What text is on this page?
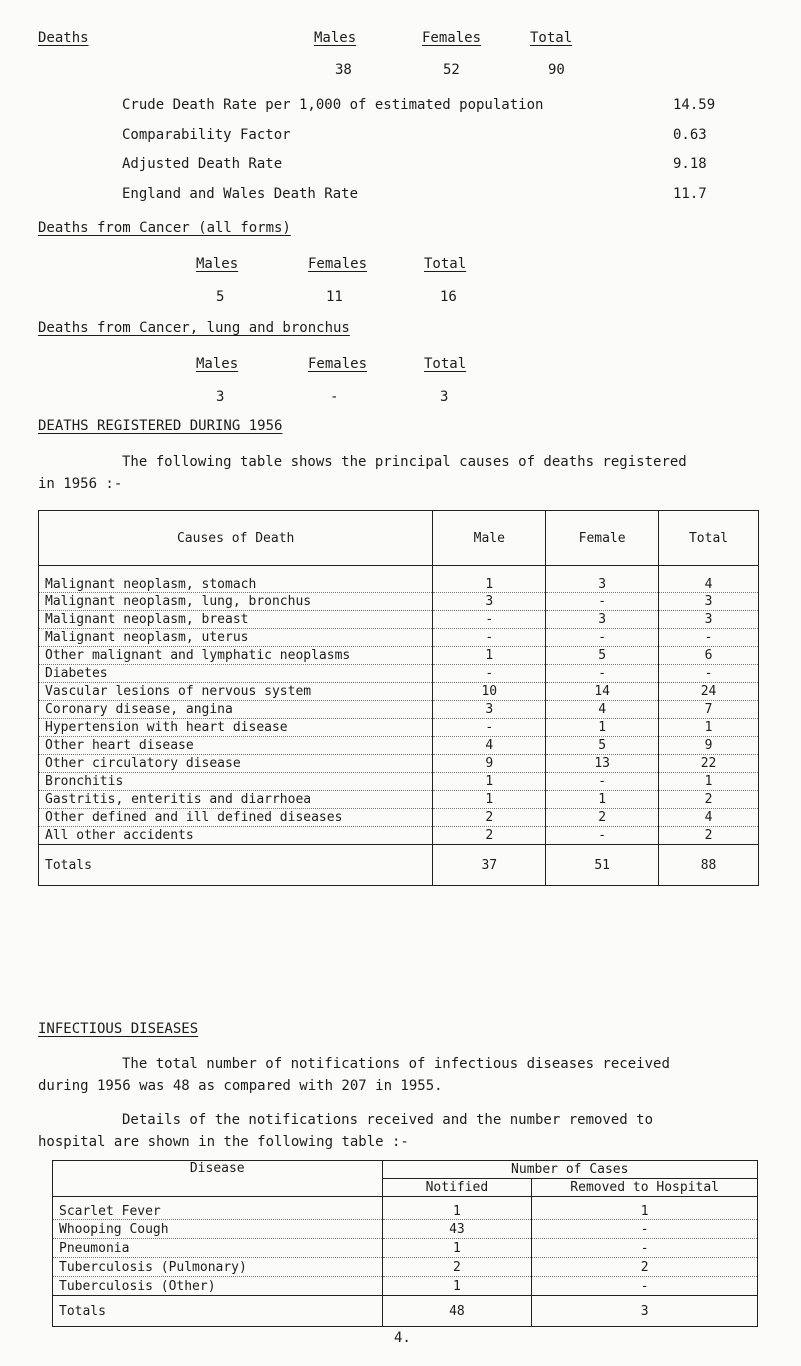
Deaths	Males	Females	Total
38	52	90
Crude Death Rate per 1,000 of estimated population	14.59
Comparability Factor	0.63
Adjusted Death Rate	9.18
England and Wales Death Rate	11.7
Deaths from Cancer (all forms)
Males	Females	Total
5	11	16
Deaths from Cancer, lung and bronchus
Males	Females	Total
3	-	3
DEATHS REGISTERED DURING 1956
The following table shows the principal causes of deaths registered
in 1956 :-
Causes of Death	Male	Female	Total
Malignant neoplasm, stomach	1	3	4
Malignant neoplasm, lung, bronchus	3	-	3
Malignant neoplasm, breast	-	3	3
Malignant neoplasm, uterus	-	-	-
Other malignant and lymphatic neoplasms	1	5	6
Diabetes	-	-	-
Vascular lesions of nervous system	10	14	24
Coronary disease, angina	3	4	7
Hypertension with heart disease	-	1	1
Other heart disease	4	5	9
Other circulatory disease	9	13	22
Bronchitis	1	-	1
Gastritis, enteritis and diarrhoea	1	1	2
Other defined and ill defined diseases	2	2	4
All other accidents	2	-	2
Totals	37	51	88
INFECTIOUS DISEASES
The total number of notifications of infectious diseases received
during 1956 was 48 as compared with 207 in 1955.
Details of the notifications received and the number removed to
hospital are shown in the following table :-
Disease	Number of Cases	
	Notified	Removed to Hospital
Scarlet Fever	1	1
Whooping Cough	43	-
Pneumonia	1	-
Tuberculosis (Pulmonary)	2	2
Tuberculosis (Other)	1	-
Totals	48	3
4.
